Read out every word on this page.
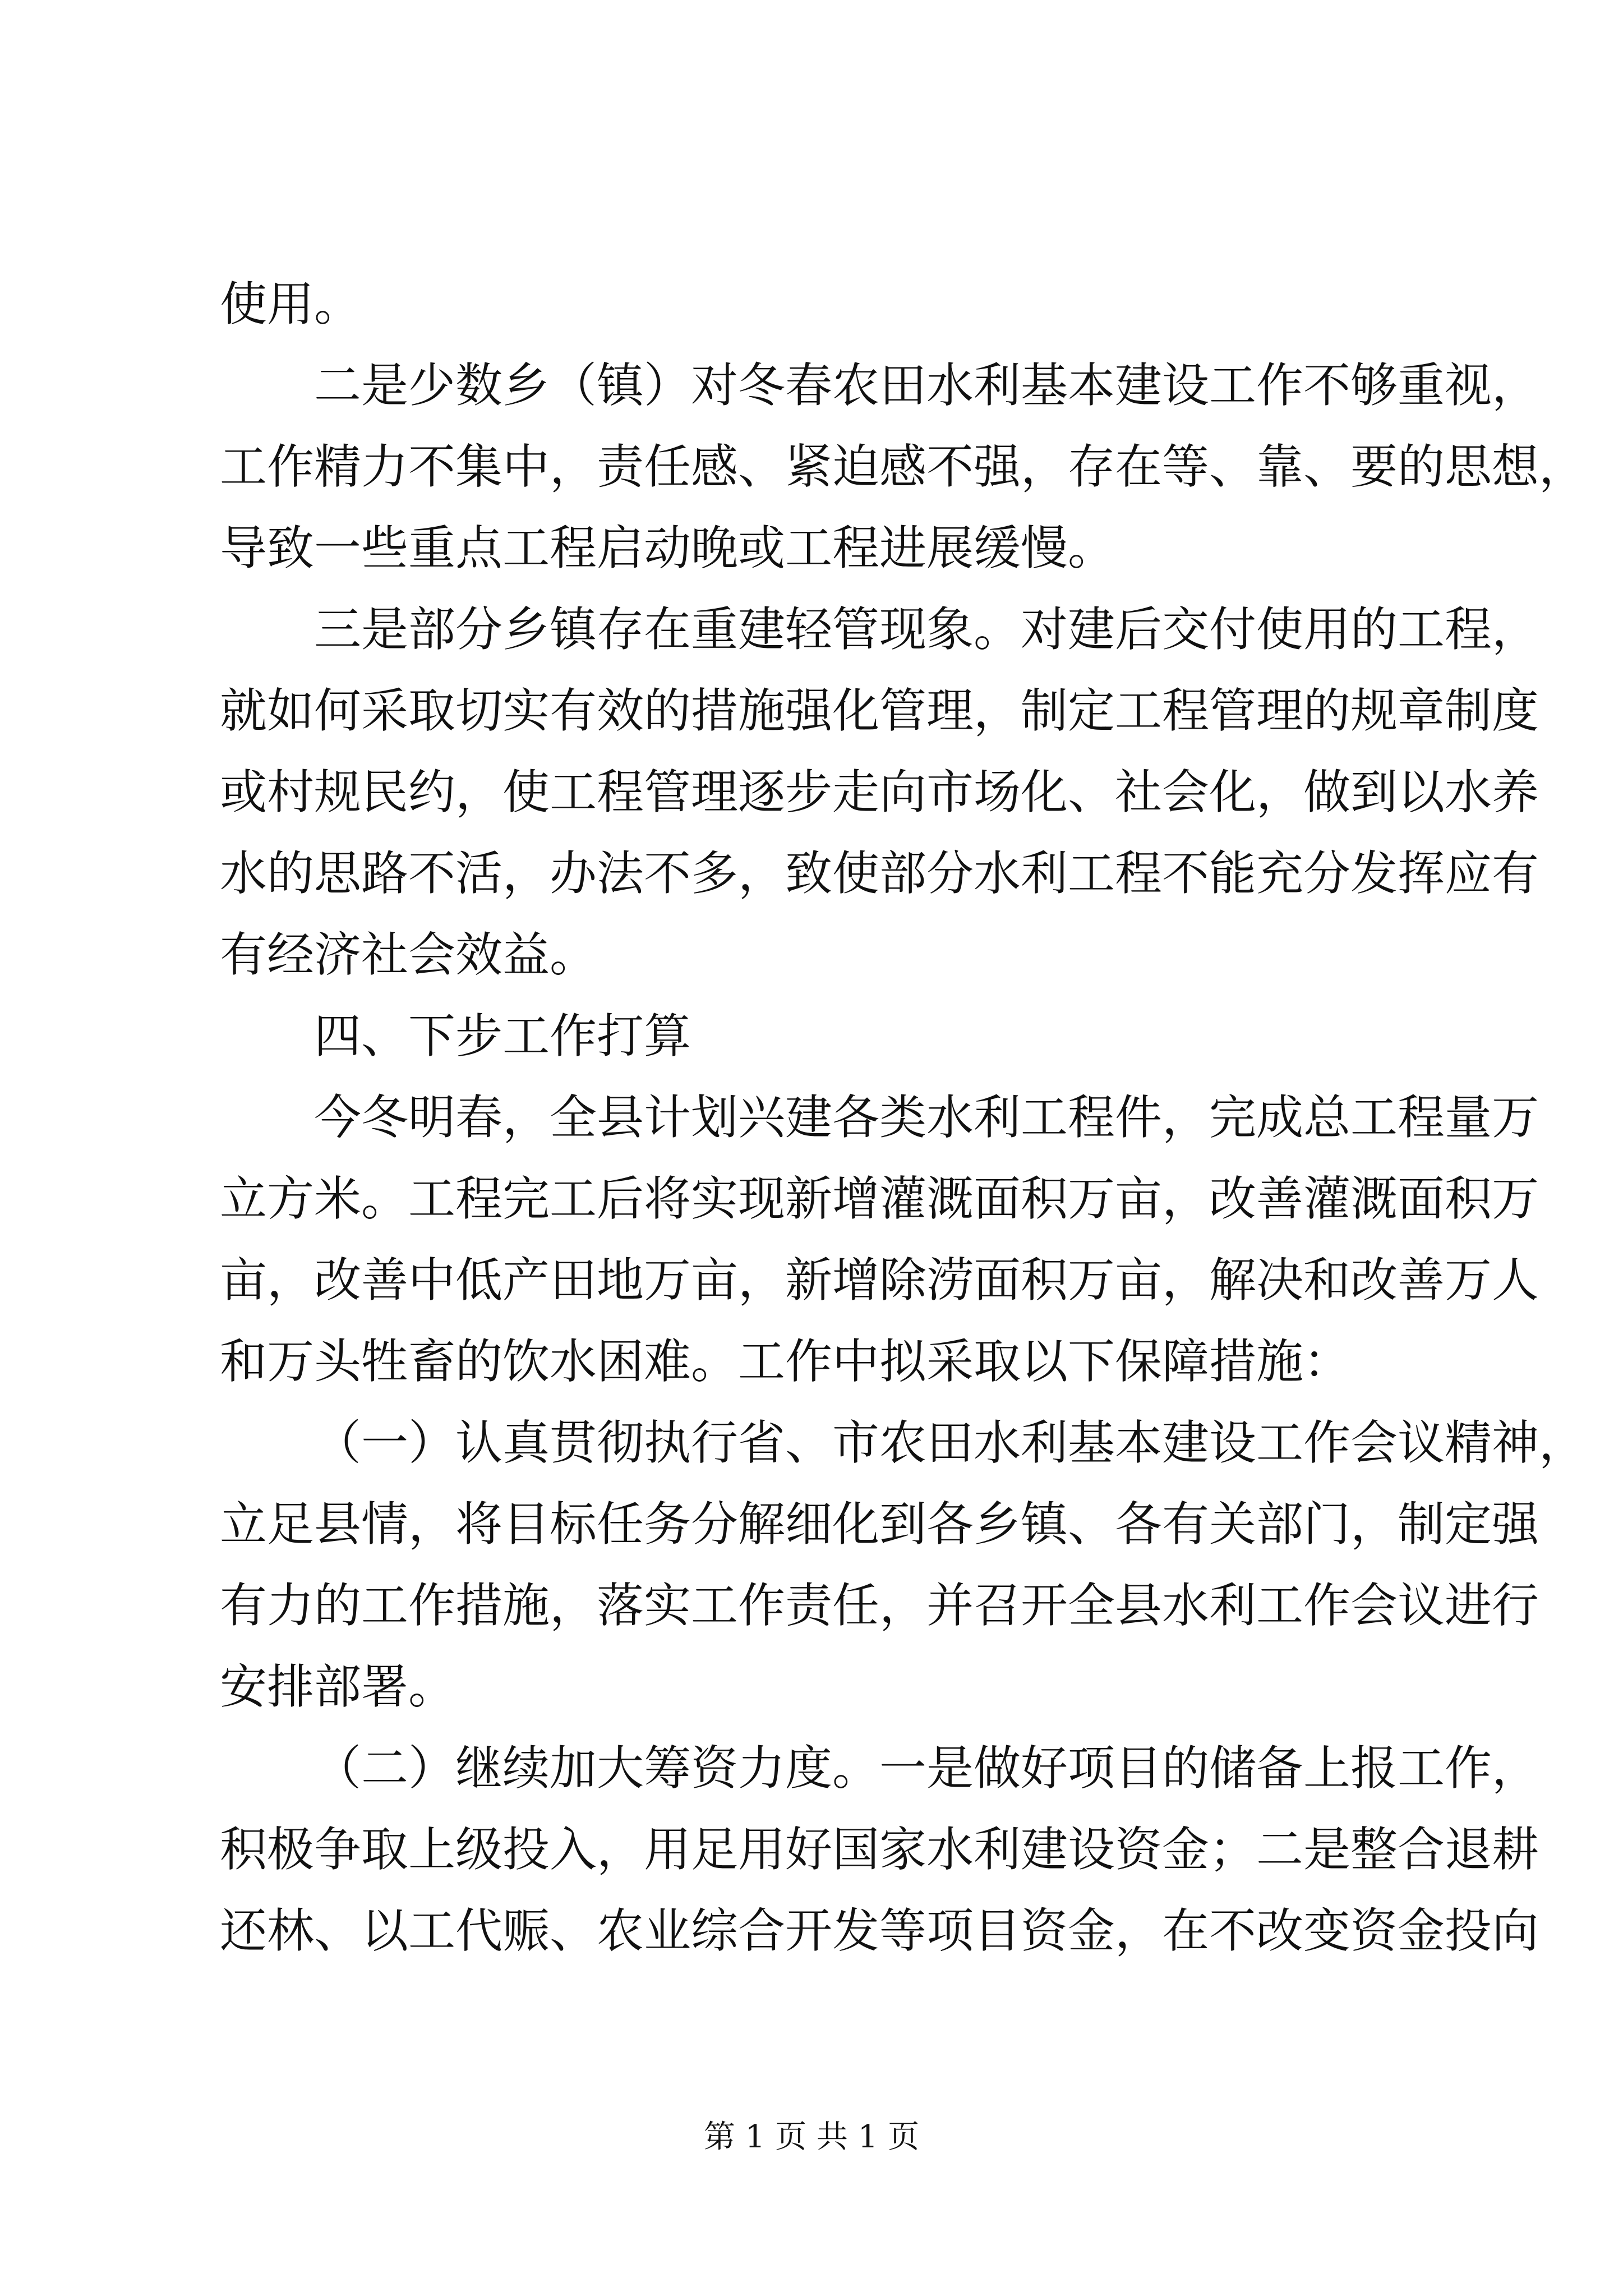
使用。
二是少数乡（镇）对冬春农田水利基本建设工作不够重视，
工作精力不集中，责任感、紧迫感不强，存在等、靠、要的思想，
导致一些重点工程启动晚或工程进展缓慢。
三是部分乡镇存在重建轻管现象。对建后交付使用的工程，
就如何采取切实有效的措施强化管理，制定工程管理的规章制度
或村规民约，使工程管理逐步走向市场化、社会化，做到以水养
水的思路不活，办法不多，致使部分水利工程不能充分发挥应有
有经济社会效益。
四、下步工作打算
今冬明春，全县计划兴建各类水利工程件，完成总工程量万
立方米。工程完工后将实现新增灌溉面积万亩，改善灌溉面积万
亩，改善中低产田地万亩，新增除涝面积万亩，解决和改善万人
和万头牲畜的饮水困难。工作中拟采取以下保障措施：
（一）认真贯彻执行省、市农田水利基本建设工作会议精神，
立足县情，将目标任务分解细化到各乡镇、各有关部门，制定强
有力的工作措施，落实工作责任，并召开全县水利工作会议进行
安排部署。
（二）继续加大筹资力度。一是做好项目的储备上报工作，
积极争取上级投入，用足用好国家水利建设资金；二是整合退耕
还林、以工代赈、农业综合开发等项目资金，在不改变资金投向
第 1 页 共 1 页
